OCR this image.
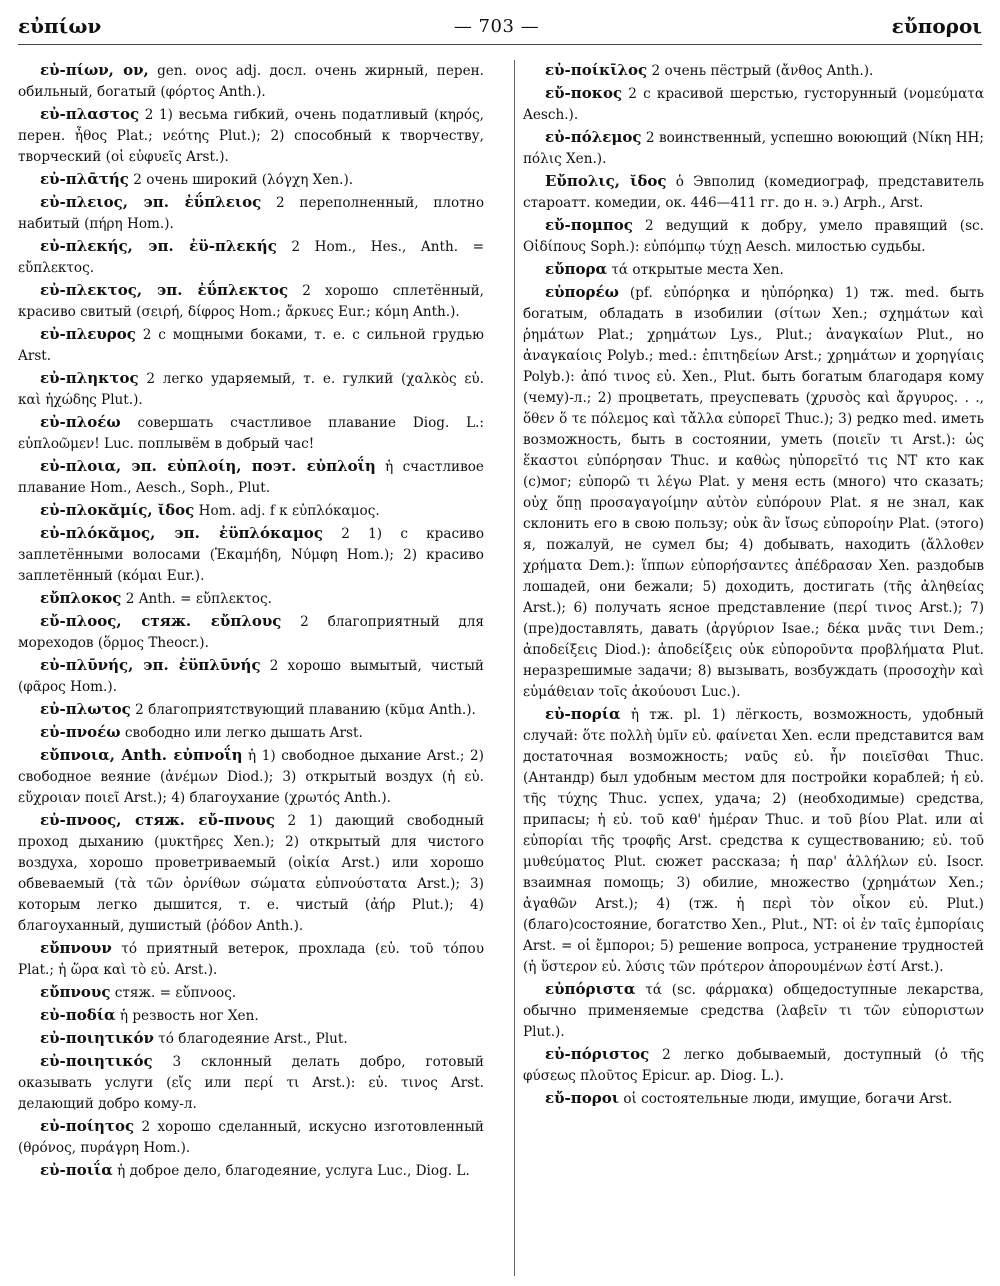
εὐπίων	— 703 —	εὔποροι

εὐ-πίων, ον, gen. ονος adj. досл. очень жирный, перен. обильный, богатый (φόρτος Anth.).

εὐ-πλαστος 2 1) весьма гибкий, очень податливый (κηρός, перен. ἦθος Plat.; νεότης Plut.); 2) способный к творчеству, творческий (οἱ εὐφυεῖς Arst.).

εὐ-πλᾱτής 2 очень широкий (λόγχη Xen.).

εὐ-πλειος, эп. ἐΰπλειος 2 переполненный, плотно набитый (πήρη Hom.).

εὐ-πλεκής, эп. ἐϋ-πλεκής 2 Hom., Hes., Anth. = εὔπλεκτος.

εὐ-πλεκτος, эп. ἐΰπλεκτος 2 хорошо сплетённый, красиво свитый (σειρή, δίφρος Hom.; ἄρκυες Eur.; κόμη Anth.).

εὐ-πλευρος 2 с мощными боками, т. е. с сильной грудью Arst.

εὐ-πληκτος 2 легко ударяемый, т. е. гулкий (χαλκὸς εὐ. καὶ ἠχώδης Plut.).

εὐ-πλοέω совершать счастливое плавание Diog. L.: εὐπλοῶμεν! Luc. поплывём в добрый час!

εὐ-πλοια, эп. εὐπλοίη, поэт. εὐπλοΐη ἡ счастливое плавание Hom., Aesch., Soph., Plut.

εὐ-πλοκᾰμίς, ῐδος Hom. adj. f к εὐπλόκαμος.

εὐ-πλόκᾰμος, эп. ἐϋπλόκαμος 2 1) с красиво заплетёнными волосами (Ἑκαμήδη, Νύμφη Hom.); 2) красиво заплетённый (κόμαι Eur.).

εὔπλοκος 2 Anth. = εὔπλεκτος.

εὔ-πλοος, стяж. εὔπλους 2 благоприятный для мореходов (ὅρμος Theocr.).

εὐ-πλῡνής, эп. ἐϋπλῡνής 2 хорошо вымытый, чистый (φᾶρος Hom.).

εὐ-πλωτος 2 благоприятствующий плаванию (κῦμα Anth.).

εὐ-πνοέω свободно или легко дышать Arst.

εὔπνοια, Anth. εὐπνοΐη ἡ 1) свободное дыхание Arst.; 2) свободное веяние (ἀνέμων Diod.); 3) открытый воздух (ἡ εὐ. εὔχροιαν ποιεῖ Arst.); 4) благоухание (χρωτός Anth.).

εὐ-πνοος, стяж. εὔ-πνους 2 1) дающий свободный проход дыханию (μυκτῆρες Xen.); 2) открытый для чистого воздуха, хорошо проветриваемый (οἰκία Arst.) или хорошо обвеваемый (τὰ τῶν ὀρνίθων σώματα εὐπνούστατα Arst.); 3) которым легко дышится, т. е. чистый (ἀήρ Plut.); 4) благоуханный, душистый (ῥόδον Anth.).

εὔπνουν τό приятный ветерок, прохлада (εὐ. τοῦ τόπου Plat.; ἡ ὥρα καὶ τὸ εὐ. Arst.).

εὔπνους стяж. = εὔπνοος.

εὐ-ποδία ἡ резвость ног Xen.

εὐ-ποιητικόν τό благодеяние Arst., Plut.

εὐ-ποιητικός 3 склонный делать добро, готовый оказывать услуги (εἴς или περί τι Arst.): εὐ. τινος Arst. делающий добро кому-л.

εὐ-ποίητος 2 хорошо сделанный, искусно изготовленный (θρόνος, πυράγρη Hom.).

εὐ-ποιΐα ἡ доброе дело, благодеяние, услуга Luc., Diog. L.

εὐ-ποίκῑλος 2 очень пёстрый (ἄνθος Anth.).

εὔ-ποκος 2 с красивой шерстью, густорунный (νομεύματα Aesch.).

εὐ-πόλεμος 2 воинственный, успешно воюющий (Νίκη HH; πόλις Xen.).

Εὔπολις, ῐδος ὁ Эвполид (комедиограф, представитель староатт. комедии, ок. 446—411 гг. до н. э.) Arph., Arst.

εὔ-πομπος 2 ведущий к добру, умело правящий (sc. Οἰδίπους Soph.): εὐπόμπῳ τύχῃ Aesch. милостью судьбы.

εὔπορα τά открытые места Xen.

εὐπορέω (pf. εὐπόρηκα и ηὐπόρηκα) 1) тж. med. быть богатым, обладать в изобилии (σίτων Xen.; σχημάτων καὶ ῥημάτων Plat.; χρημάτων Lys., Plut.; ἀναγκαίων Plut., но ἀναγκαίοις Polyb.; med.: ἐπιτηδείων Arst.; χρημάτων и χορηγίαις Polyb.): ἀπό τινος εὐ. Xen., Plut. быть богатым благодаря кому (чему)-л.; 2) процветать, преуспевать (χρυσὸς καὶ ἄργυρος. . ., ὅθεν ὅ τε πόλεμος καὶ τἄλλα εὐπορεῖ Thuc.); 3) редко med. иметь возможность, быть в состоянии, уметь (ποιεῖν τι Arst.): ὡς ἕκαστοι εὐπόρησαν Thuc. и καθὼς ηὐπορεῖτό τις NT кто как (с)мог; εὐπορῶ τι λέγω Plat. у меня есть (много) что сказать; οὐχ ὅπῃ προσαγαγοίμην αὐτὸν εὐπόρουν Plat. я не знал, как склонить его в свою пользу; οὐκ ἂν ἴσως εὐποροίην Plat. (этого) я, пожалуй, не сумел бы; 4) добывать, находить (ἄλλοθεν χρήματα Dem.): ἵππων εὐπορήσαντες ἀπέδρασαν Xen. раздобыв лошадей, они бежали; 5) доходить, достигать (τῆς ἀληθείας Arst.); 6) получать ясное представление (περί τινος Arst.); 7) (пре)доставлять, давать (ἀργύριον Isae.; δέκα μνᾶς τινι Dem.; ἀποδείξεις Diod.): ἀποδείξεις οὐκ εὐποροῦντα προβλήματα Plut. неразрешимые задачи; 8) вызывать, возбуждать (προσοχὴν καὶ εὐμάθειαν τοῖς ἀκούουσι Luc.).

εὐ-πορία ἡ тж. pl. 1) лёгкость, возможность, удобный случай: ὅτε πολλὴ ὑμῖν εὐ. φαίνεται Xen. если представится вам достаточная возможность; ναῦς εὐ. ἦν ποιεῖσθαι Thuc. (Антандр) был удобным местом для постройки кораблей; ἡ εὐ. τῆς τύχης Thuc. успех, удача; 2) (необходимые) средства, припасы; ἡ εὐ. τοῦ καθ' ἡμέραν Thuc. и τοῦ βίου Plat. или αἱ εὐπορίαι τῆς τροφῆς Arst. средства к существованию; εὐ. τοῦ μυθεύματος Plut. сюжет рассказа; ἡ παρ' ἀλλήλων εὐ. Isocr. взаимная помощь; 3) обилие, множество (χρημάτων Xen.; ἀγαθῶν Arst.); 4) (тж. ἡ περὶ τὸν οἶκον εὐ. Plut.) (благо)состояние, богатство Xen., Plut., NT: οἱ ἐν ταῖς ἐμπορίαις Arst. = οἱ ἔμποροι; 5) решение вопроса, устранение трудностей (ἡ ὕστερον εὐ. λύσις τῶν πρότερον ἀπορουμένων ἐστί Arst.).

εὐπόριστα τά (sc. φάρμακα) общедоступные лекарства, обычно применяемые средства (λαβεῖν τι τῶν εὐποριστων Plut.).

εὐ-πόριστος 2 легко добываемый, доступный (ὁ τῆς φύσεως πλοῦτος Epicur. ap. Diog. L.).

εὔ-ποροι οἱ состоятельные люди, имущие, богачи Arst.
